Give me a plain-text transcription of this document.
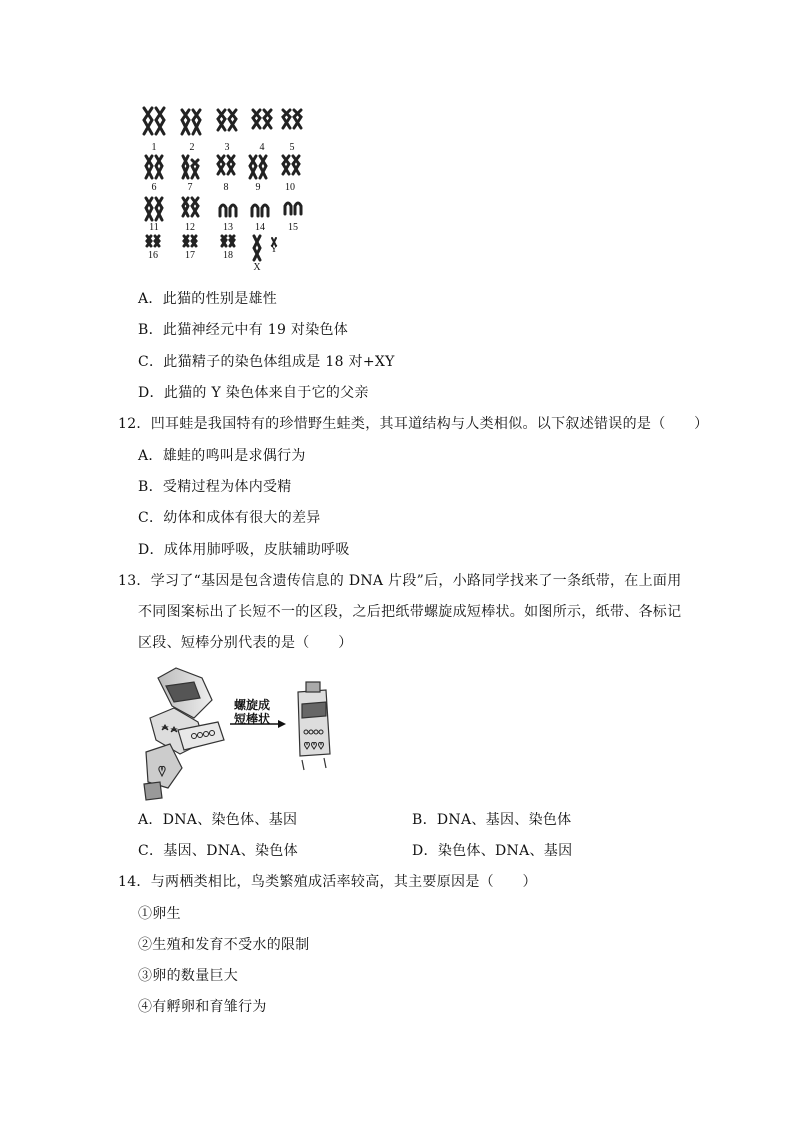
1	2	3	4	5
6	7	8	9	10
11	12	13	14	15
16	17	18
X
Y
A．此猫的性别是雄性
B．此猫神经元中有 19 对染色体
C．此猫精子的染色体组成是 18 对+XY
D．此猫的 Y 染色体来自于它的父亲
12．凹耳蛙是我国特有的珍惜野生蛙类，其耳道结构与人类相似。以下叙述错误的是（　　）
A．雄蛙的鸣叫是求偶行为
B．受精过程为体内受精
C．幼体和成体有很大的差异
D．成体用肺呼吸，皮肤辅助呼吸
13．学习了“基因是包含遗传信息的 DNA 片段”后，小路同学找来了一条纸带，在上面用
不同图案标出了长短不一的区段，之后把纸带螺旋成短棒状。如图所示，纸带、各标记
区段、短棒分别代表的是（　　）
螺旋成
短棒状
A．DNA、染色体、基因	B．DNA、基因、染色体
C．基因、DNA、染色体	D．染色体、DNA、基因
14．与两栖类相比，鸟类繁殖成活率较高，其主要原因是（　　）
①卵生
②生殖和发育不受水的限制
③卵的数量巨大
④有孵卵和育雏行为
